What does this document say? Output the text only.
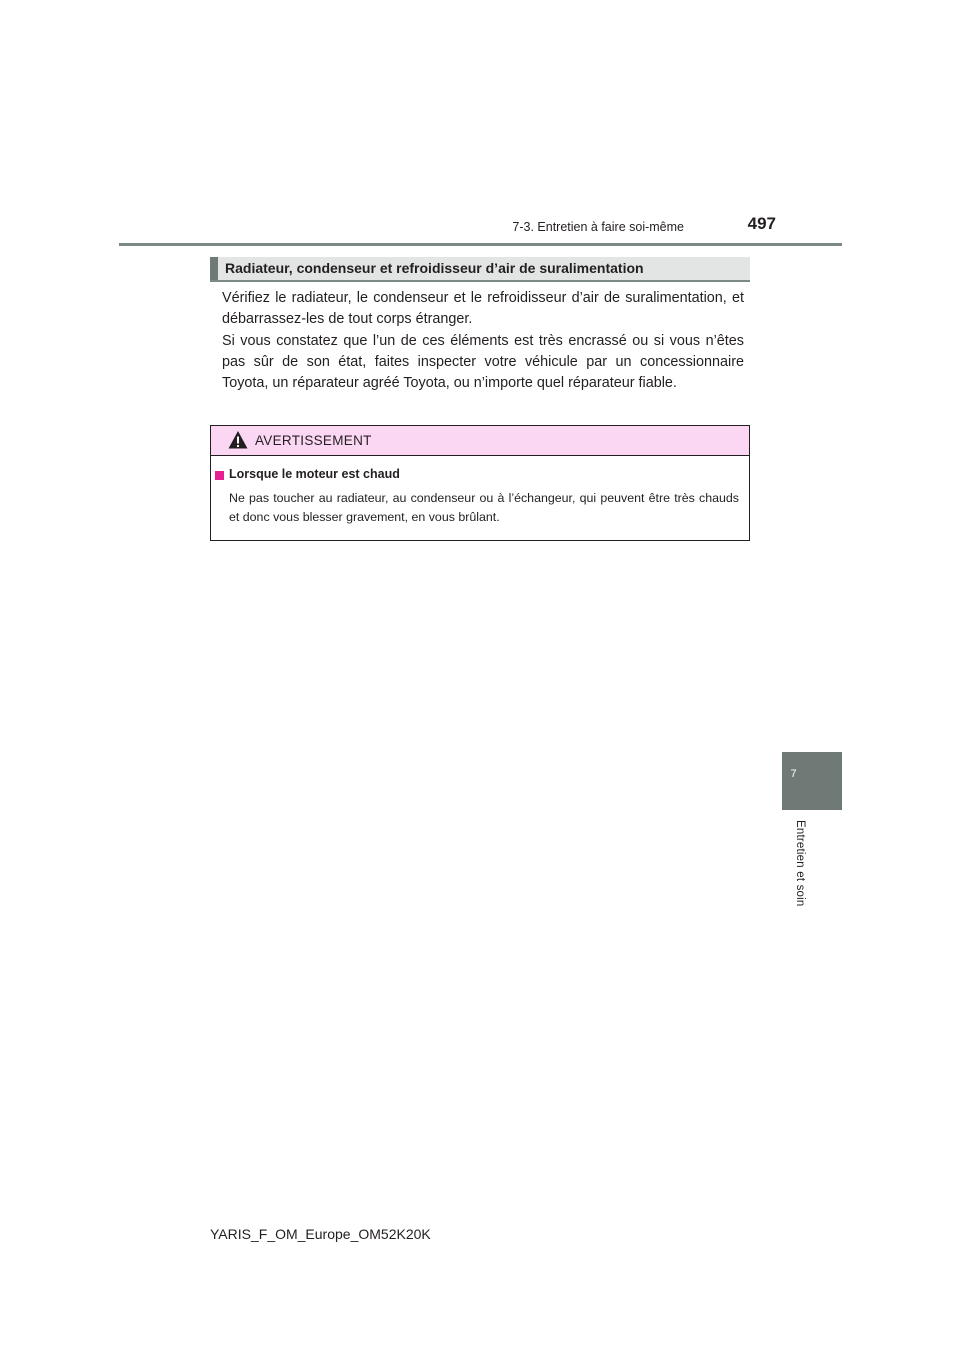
7-3. Entretien à faire soi-même	497
7
Entretien et soin
Radiateur, condenseur et refroidisseur d’air de suralimentation

Vérifiez le radiateur, le condenseur et le refroidisseur d’air de suralimentation, et débarrassez-les de tout corps étranger.

Si vous constatez que l’un de ces éléments est très encrassé ou si vous n’êtes pas sûr de son état, faites inspecter votre véhicule par un concessionnaire Toyota, un réparateur agréé Toyota, ou n’importe quel réparateur fiable.

AVERTISSEMENT
Lorsque le moteur est chaud
Ne pas toucher au radiateur, au condenseur ou à l’échangeur, qui peuvent être très chauds et donc vous blesser gravement, en vous brûlant.
YARIS_F_OM_Europe_OM52K20K
